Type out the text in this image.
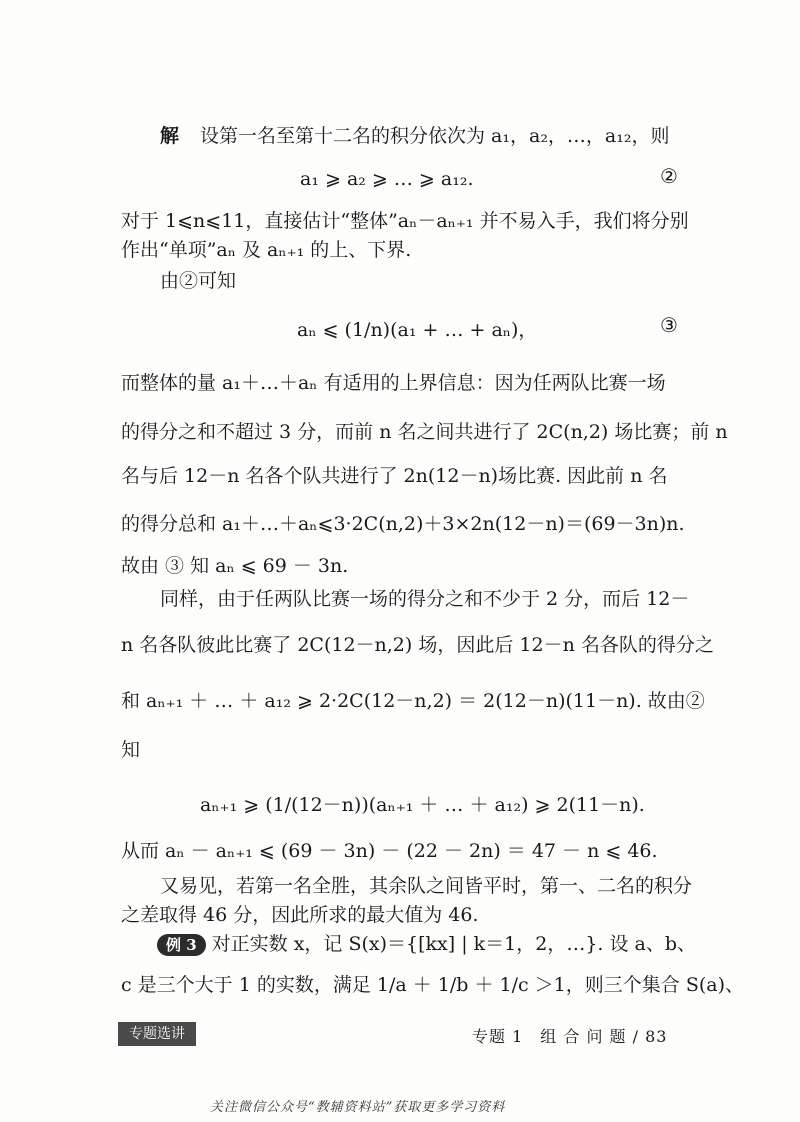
解 设第一名至第十二名的积分依次为 a₁，a₂，…，a₁₂，则
a₁ ⩾ a₂ ⩾ … ⩾ a₁₂.	②
对于 1⩽n⩽11，直接估计“整体”aₙ－aₙ₊₁ 并不易入手，我们将分别
作出“单项”aₙ 及 aₙ₊₁ 的上、下界.
由②可知
aₙ ⩽ (1/n)(a₁ + … + aₙ)，	③
而整体的量 a₁＋…＋aₙ 有适用的上界信息：因为任两队比赛一场
的得分之和不超过 3 分，而前 n 名之间共进行了 2C(n,2) 场比赛；前 n
名与后 12－n 名各个队共进行了 2n(12－n)场比赛. 因此前 n 名
的得分总和 a₁＋…＋aₙ⩽3·2C(n,2)＋3×2n(12－n)＝(69－3n)n.
故由 ③ 知 aₙ ⩽ 69 － 3n.
同样，由于任两队比赛一场的得分之和不少于 2 分，而后 12－
n 名各队彼此比赛了 2C(12－n,2) 场，因此后 12－n 名各队的得分之
和 aₙ₊₁ ＋ … ＋ a₁₂ ⩾ 2·2C(12－n,2) ＝ 2(12－n)(11－n). 故由②
知
aₙ₊₁ ⩾ (1/(12－n))(aₙ₊₁ ＋ … ＋ a₁₂) ⩾ 2(11－n).
从而 aₙ － aₙ₊₁ ⩽ (69 － 3n) － (22 － 2n) ＝ 47 － n ⩽ 46.
又易见，若第一名全胜，其余队之间皆平时，第一、二名的积分
之差取得 46 分，因此所求的最大值为 46.
例 3 对正实数 x，记 S(x)＝{[kx] | k＝1，2，…}. 设 a、b、
c 是三个大于 1 的实数，满足 1/a ＋ 1/b ＋ 1/c ＞1，则三个集合 S(a)、
专题选讲	专题 1　组 合 问 题 / 83
关注微信公众号“教辅资料站”获取更多学习资料
